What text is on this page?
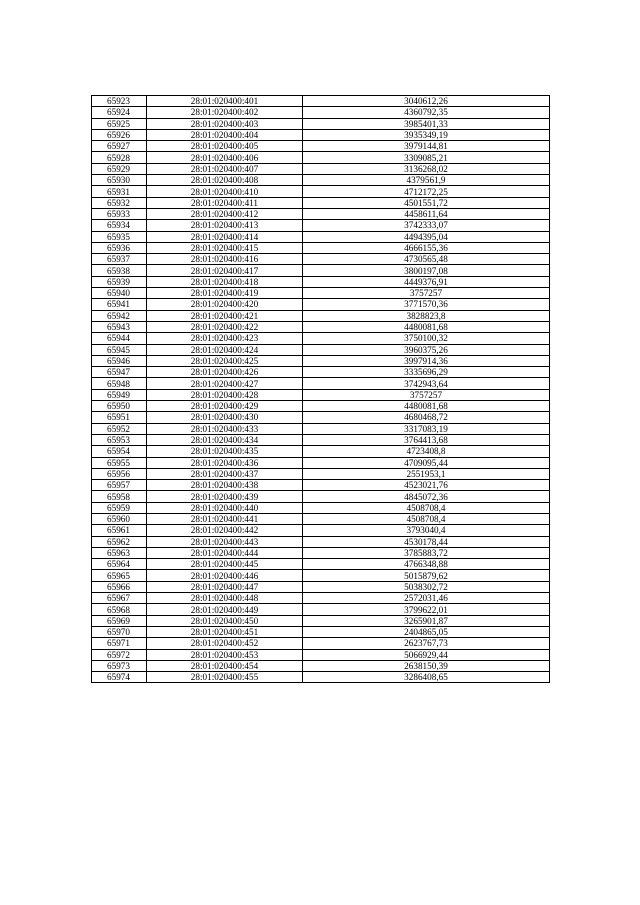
65923	28:01:020400:401	3040612,26
65924	28:01:020400:402	4360792,35
65925	28:01:020400:403	3985401,33
65926	28:01:020400:404	3935349,19
65927	28:01:020400:405	3979144,81
65928	28:01:020400:406	3309085,21
65929	28:01:020400:407	3136268,02
65930	28:01:020400:408	4379561,9
65931	28:01:020400:410	4712172,25
65932	28:01:020400:411	4501551,72
65933	28:01:020400:412	4458611,64
65934	28:01:020400:413	3742333,07
65935	28:01:020400:414	4494395,04
65936	28:01:020400:415	4666155,36
65937	28:01:020400:416	4730565,48
65938	28:01:020400:417	3800197,08
65939	28:01:020400:418	4449376,91
65940	28:01:020400:419	3757257
65941	28:01:020400:420	3771570,36
65942	28:01:020400:421	3828823,8
65943	28:01:020400:422	4480081,68
65944	28:01:020400:423	3750100,32
65945	28:01:020400:424	3960375,26
65946	28:01:020400:425	3997914,36
65947	28:01:020400:426	3335696,29
65948	28:01:020400:427	3742943,64
65949	28:01:020400:428	3757257
65950	28:01:020400:429	4480081,68
65951	28:01:020400:430	4680468,72
65952	28:01:020400:433	3317083,19
65953	28:01:020400:434	3764413,68
65954	28:01:020400:435	4723408,8
65955	28:01:020400:436	4709095,44
65956	28:01:020400:437	2551953,1
65957	28:01:020400:438	4523021,76
65958	28:01:020400:439	4845072,36
65959	28:01:020400:440	4508708,4
65960	28:01:020400:441	4508708,4
65961	28:01:020400:442	3793040,4
65962	28:01:020400:443	4530178,44
65963	28:01:020400:444	3785883,72
65964	28:01:020400:445	4766348,88
65965	28:01:020400:446	5015879,62
65966	28:01:020400:447	5038302,72
65967	28:01:020400:448	2572031,46
65968	28:01:020400:449	3799622,01
65969	28:01:020400:450	3265901,87
65970	28:01:020400:451	2404865,05
65971	28:01:020400:452	2623767,73
65972	28:01:020400:453	5066929,44
65973	28:01:020400:454	2638150,39
65974	28:01:020400:455	3286408,65
